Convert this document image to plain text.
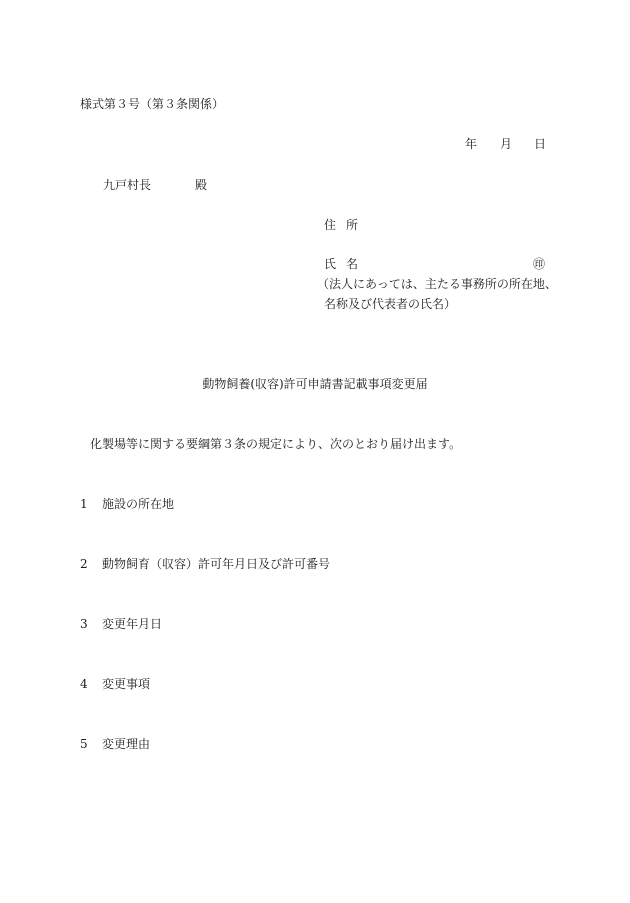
様式第３号（第３条関係）
年 月 日
九戸村長	殿
住所
氏名	㊞
（法人にあっては、主たる事務所の所在地、
名称及び代表者の氏名）
動物飼養(収容)許可申請書記載事項変更届
化製場等に関する要綱第３条の規定により、次のとおり届け出ます。
1 施設の所在地
2 動物飼育（収容）許可年月日及び許可番号
3 変更年月日
4 変更事項
5 変更理由
